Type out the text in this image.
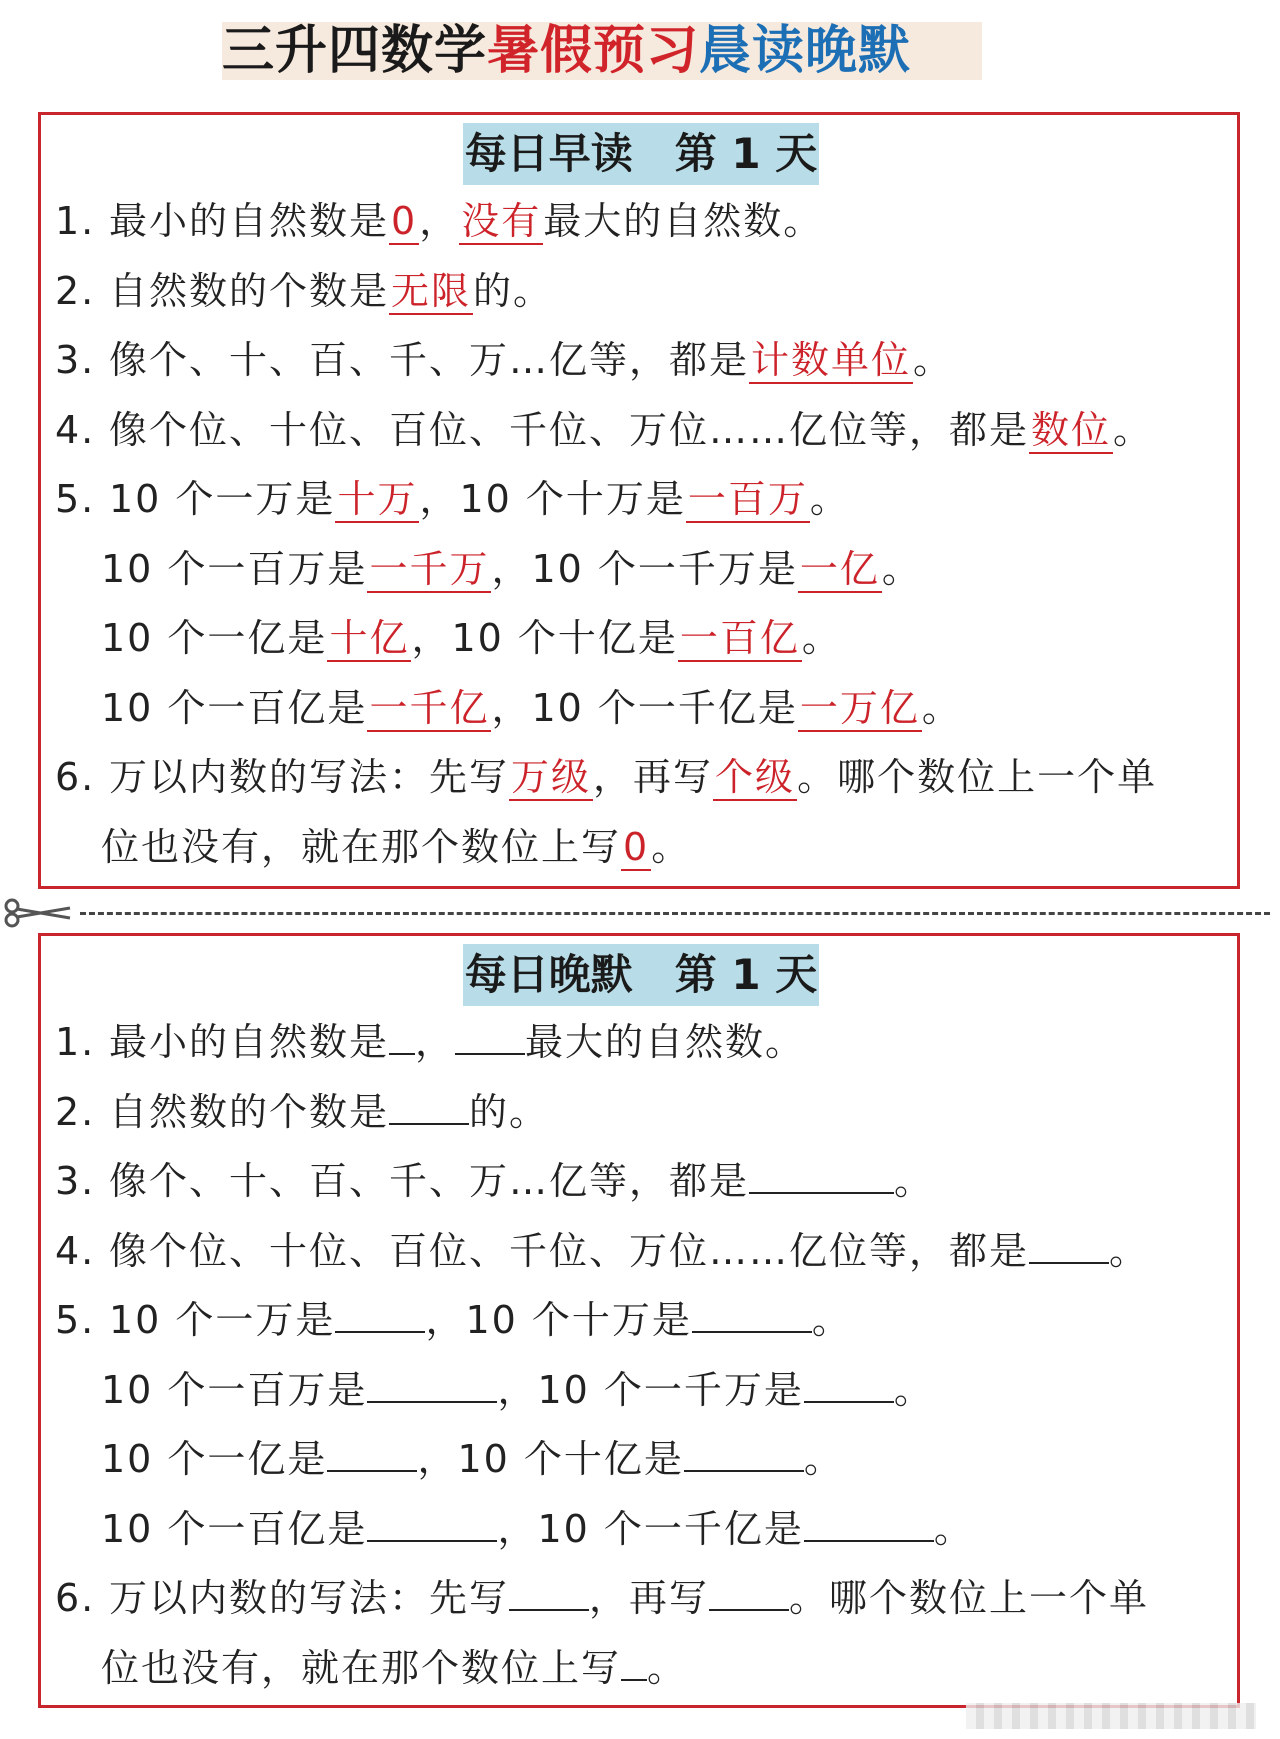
三升四数学暑假预习晨读晚默
每日早读　第 1 天
1. 最小的自然数是0，没有最大的自然数。
2. 自然数的个数是无限的。
3. 像个、十、百、千、万…亿等，都是计数单位。
4. 像个位、十位、百位、千位、万位……亿位等，都是数位。
5. 10 个一万是十万，10 个十万是一百万。
10 个一百万是一千万，10 个一千万是一亿。
10 个一亿是十亿，10 个十亿是一百亿。
10 个一百亿是一千亿，10 个一千亿是一万亿。
6. 万以内数的写法：先写万级，再写个级。哪个数位上一个单
位也没有，就在那个数位上写0。
每日晚默　第 1 天
1. 最小的自然数是 ， 最大的自然数。
2. 自然数的个数是 的。
3. 像个、十、百、千、万…亿等，都是	。
4. 像个位、十位、百位、千位、万位……亿位等，都是 。
5. 10 个一万是 ，10 个十万是	。
10 个一百万是	，10 个一千万是 。
10 个一亿是 ，10 个十亿是	。
10 个一百亿是	，10 个一千亿是	。
6. 万以内数的写法：先写 ，再写 。哪个数位上一个单
位也没有，就在那个数位上写 。
